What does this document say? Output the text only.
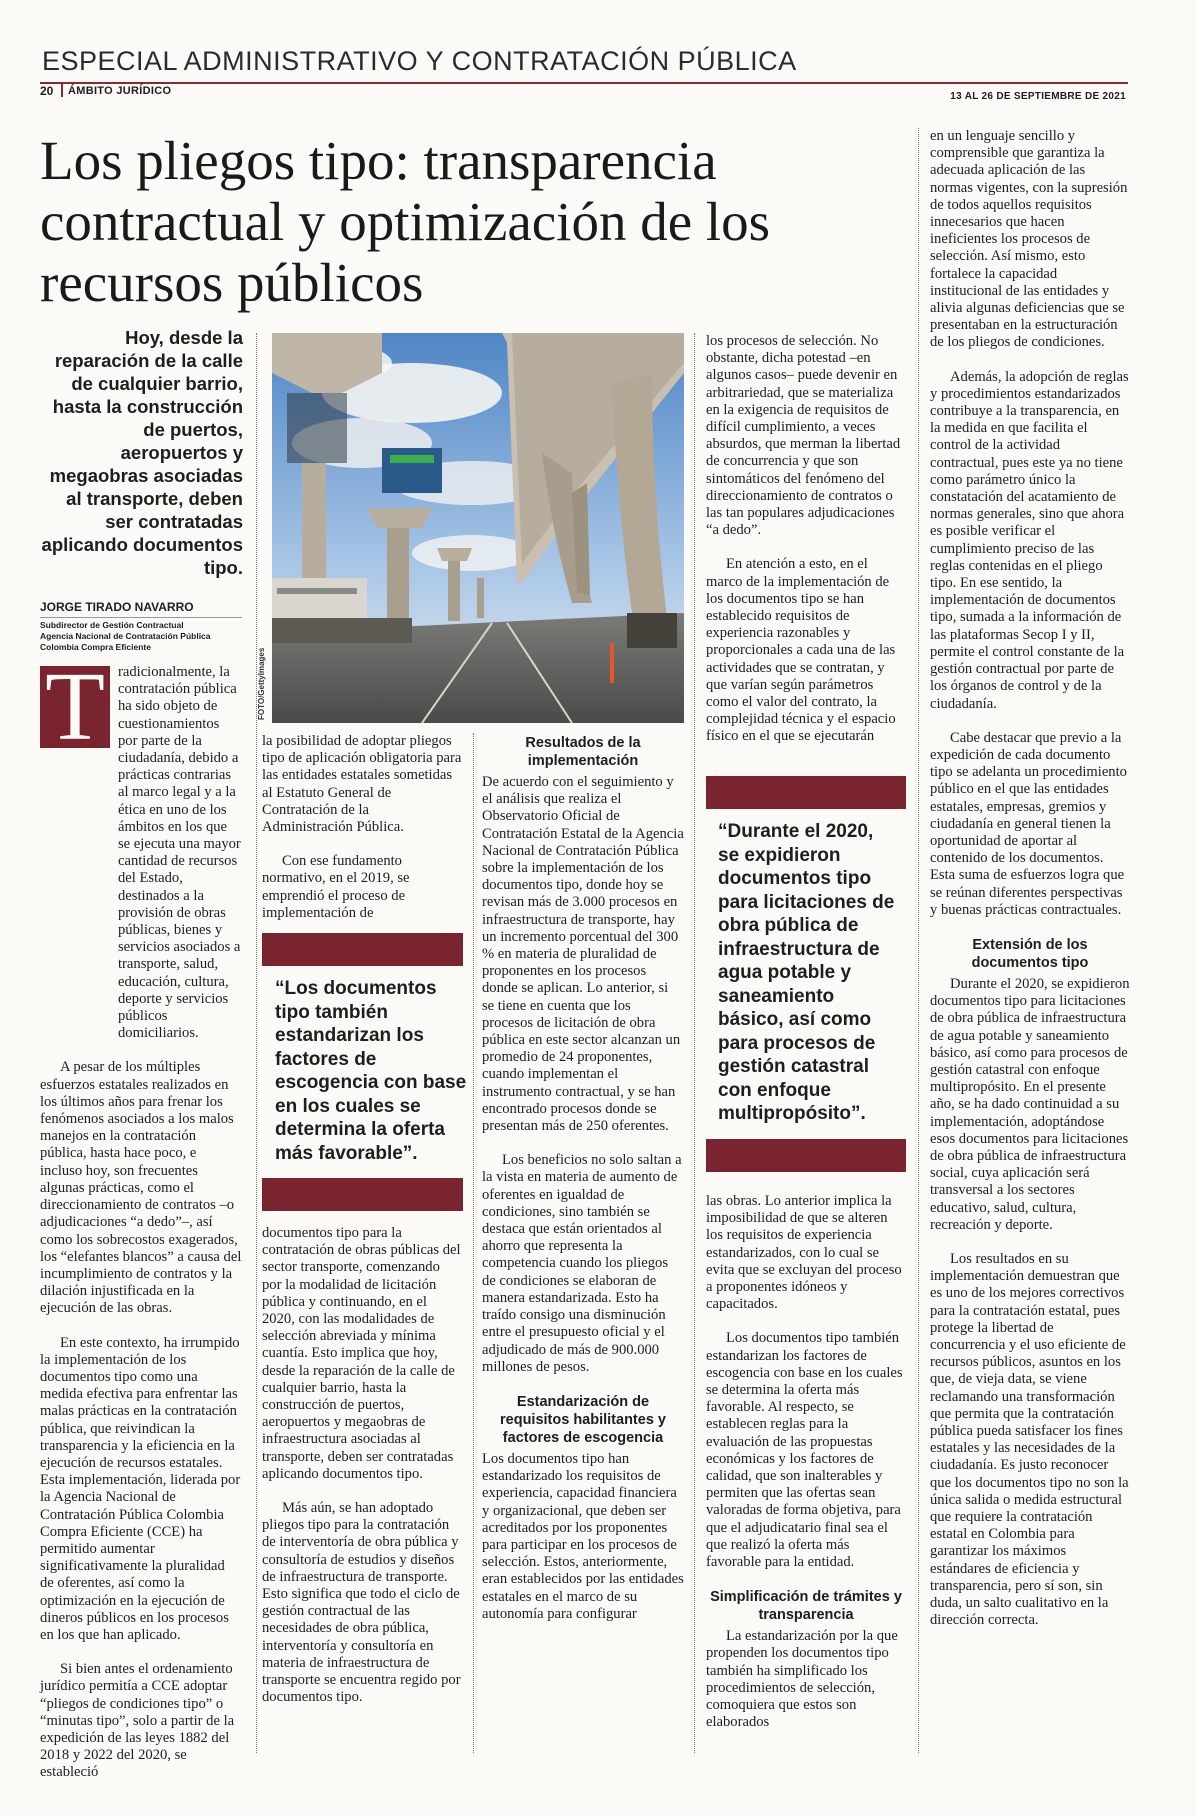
ESPECIAL ADMINISTRATIVO Y CONTRATACIÓN PÚBLICA
20 ÁMBITO JURÍDICO	13 AL 26 DE SEPTIEMBRE DE 2021
Los pliegos tipo: transparencia contractual y optimización de los recursos públicos

Hoy, desde la reparación de la calle de cualquier barrio, hasta la construcción de puertos, aeropuertos y megaobras asociadas al transporte, deben ser contratadas aplicando documentos tipo.

JORGE TIRADO NAVARRO
Subdirector de Gestión Contractual
Agencia Nacional de Contratación Pública
Colombia Compra Eficiente
T radicionalmente, la contratación pública ha sido objeto de cuestionamientos por parte de la ciudadanía, debido a prácticas contrarias al marco legal y a la ética en uno de los ámbitos en los que se ejecuta una mayor cantidad de recursos del Estado, destinados a la provisión de obras públicas, bienes y servicios asociados a transporte, salud, educación, cultura, deporte y servicios públicos domiciliarios.

A pesar de los múltiples esfuerzos estatales realizados en los últimos años para frenar los fenómenos asociados a los malos manejos en la contratación pública, hasta hace poco, e incluso hoy, son frecuentes algunas prácticas, como el direccionamiento de contratos –o adjudicaciones “a dedo”–, así como los sobrecostos exagerados, los “elefantes blancos” a causa del incumplimiento de contratos y la dilación injustificada en la ejecución de las obras.

En este contexto, ha irrumpido la implementación de los documentos tipo como una medida efectiva para enfrentar las malas prácticas en la contratación pública, que reivindican la transparencia y la eficiencia en la ejecución de recursos estatales. Esta implementación, liderada por la Agencia Nacional de Contratación Pública Colombia Compra Eficiente (CCE) ha permitido aumentar significativamente la pluralidad de oferentes, así como la optimización en la ejecución de dineros públicos en los procesos en los que han aplicado.

Si bien antes el ordenamiento jurídico permitía a CCE adoptar “pliegos de condiciones tipo” o “minutas tipo”, solo a partir de la expedición de las leyes 1882 del 2018 y 2022 del 2020, se estableció

FOTO/GettyImages

la posibilidad de adoptar pliegos tipo de aplicación obligatoria para las entidades estatales sometidas al Estatuto General de Contratación de la Administración Pública.

Con ese fundamento normativo, en el 2019, se emprendió el proceso de implementación de

“Los documentos tipo también estandarizan los factores de escogencia con base en los cuales se determina la oferta más favorable”.

documentos tipo para la contratación de obras públicas del sector transporte, comenzando por la modalidad de licitación pública y continuando, en el 2020, con las modalidades de selección abreviada y mínima cuantía. Esto implica que hoy, desde la reparación de la calle de cualquier barrio, hasta la construcción de puertos, aeropuertos y megaobras de infraestructura asociadas al transporte, deben ser contratadas aplicando documentos tipo.

Más aún, se han adoptado pliegos tipo para la contratación de interventoría de obra pública y consultoría de estudios y diseños de infraestructura de transporte. Esto significa que todo el ciclo de gestión contractual de las necesidades de obra pública, interventoría y consultoría en materia de infraestructura de transporte se encuentra regido por documentos tipo.

Resultados de la implementación

De acuerdo con el seguimiento y el análisis que realiza el Observatorio Oficial de Contratación Estatal de la Agencia Nacional de Contratación Pública sobre la implementación de los documentos tipo, donde hoy se revisan más de 3.000 procesos en infraestructura de transporte, hay un incremento porcentual del 300 % en materia de pluralidad de proponentes en los procesos donde se aplican. Lo anterior, si se tiene en cuenta que los procesos de licitación de obra pública en este sector alcanzan un promedio de 24 proponentes, cuando implementan el instrumento contractual, y se han encontrado procesos donde se presentan más de 250 oferentes.

Los beneficios no solo saltan a la vista en materia de aumento de oferentes en igualdad de condiciones, sino también se destaca que están orientados al ahorro que representa la competencia cuando los pliegos de condiciones se elaboran de manera estandarizada. Esto ha traído consigo una disminución entre el presupuesto oficial y el adjudicado de más de 900.000 millones de pesos.

Estandarización de requisitos habilitantes y factores de escogencia

Los documentos tipo han estandarizado los requisitos de experiencia, capacidad financiera y organizacional, que deben ser acreditados por los proponentes para participar en los procesos de selección. Estos, anteriormente, eran establecidos por las entidades estatales en el marco de su autonomía para configurar

los procesos de selección. No obstante, dicha potestad –en algunos casos– puede devenir en arbitrariedad, que se materializa en la exigencia de requisitos de difícil cumplimiento, a veces absurdos, que merman la libertad de concurrencia y que son sintomáticos del fenómeno del direccionamiento de contratos o las tan populares adjudicaciones “a dedo”.

En atención a esto, en el marco de la implementación de los documentos tipo se han establecido requisitos de experiencia razonables y proporcionales a cada una de las actividades que se contratan, y que varían según parámetros como el valor del contrato, la complejidad técnica y el espacio físico en el que se ejecutarán

“Durante el 2020, se expidieron documentos tipo para licitaciones de obra pública de infraestructura de agua potable y saneamiento básico, así como para procesos de gestión catastral con enfoque multipropósito”.

las obras. Lo anterior implica la imposibilidad de que se alteren los requisitos de experiencia estandarizados, con lo cual se evita que se excluyan del proceso a proponentes idóneos y capacitados.

Los documentos tipo también estandarizan los factores de escogencia con base en los cuales se determina la oferta más favorable. Al respecto, se establecen reglas para la evaluación de las propuestas económicas y los factores de calidad, que son inalterables y permiten que las ofertas sean valoradas de forma objetiva, para que el adjudicatario final sea el que realizó la oferta más favorable para la entidad.

Simplificación de trámites y transparencia

La estandarización por la que propenden los documentos tipo también ha simplificado los procedimientos de selección, comoquiera que estos son elaborados

en un lenguaje sencillo y comprensible que garantiza la adecuada aplicación de las normas vigentes, con la supresión de todos aquellos requisitos innecesarios que hacen ineficientes los procesos de selección. Así mismo, esto fortalece la capacidad institucional de las entidades y alivia algunas deficiencias que se presentaban en la estructuración de los pliegos de condiciones.

Además, la adopción de reglas y procedimientos estandarizados contribuye a la transparencia, en la medida en que facilita el control de la actividad contractual, pues este ya no tiene como parámetro único la constatación del acatamiento de normas generales, sino que ahora es posible verificar el cumplimiento preciso de las reglas contenidas en el pliego tipo. En ese sentido, la implementación de documentos tipo, sumada a la información de las plataformas Secop I y II, permite el control constante de la gestión contractual por parte de los órganos de control y de la ciudadanía.

Cabe destacar que previo a la expedición de cada documento tipo se adelanta un procedimiento público en el que las entidades estatales, empresas, gremios y ciudadanía en general tienen la oportunidad de aportar al contenido de los documentos. Esta suma de esfuerzos logra que se reúnan diferentes perspectivas y buenas prácticas contractuales.

Extensión de los documentos tipo

Durante el 2020, se expidieron documentos tipo para licitaciones de obra pública de infraestructura de agua potable y saneamiento básico, así como para procesos de gestión catastral con enfoque multipropósito. En el presente año, se ha dado continuidad a su implementación, adoptándose esos documentos para licitaciones de obra pública de infraestructura social, cuya aplicación será transversal a los sectores educativo, salud, cultura, recreación y deporte.

Los resultados en su implementación demuestran que es uno de los mejores correctivos para la contratación estatal, pues protege la libertad de concurrencia y el uso eficiente de recursos públicos, asuntos en los que, de vieja data, se viene reclamando una transformación que permita que la contratación pública pueda satisfacer los fines estatales y las necesidades de la ciudadanía. Es justo reconocer que los documentos tipo no son la única salida o medida estructural que requiere la contratación estatal en Colombia para garantizar los máximos estándares de eficiencia y transparencia, pero sí son, sin duda, un salto cualitativo en la dirección correcta.
